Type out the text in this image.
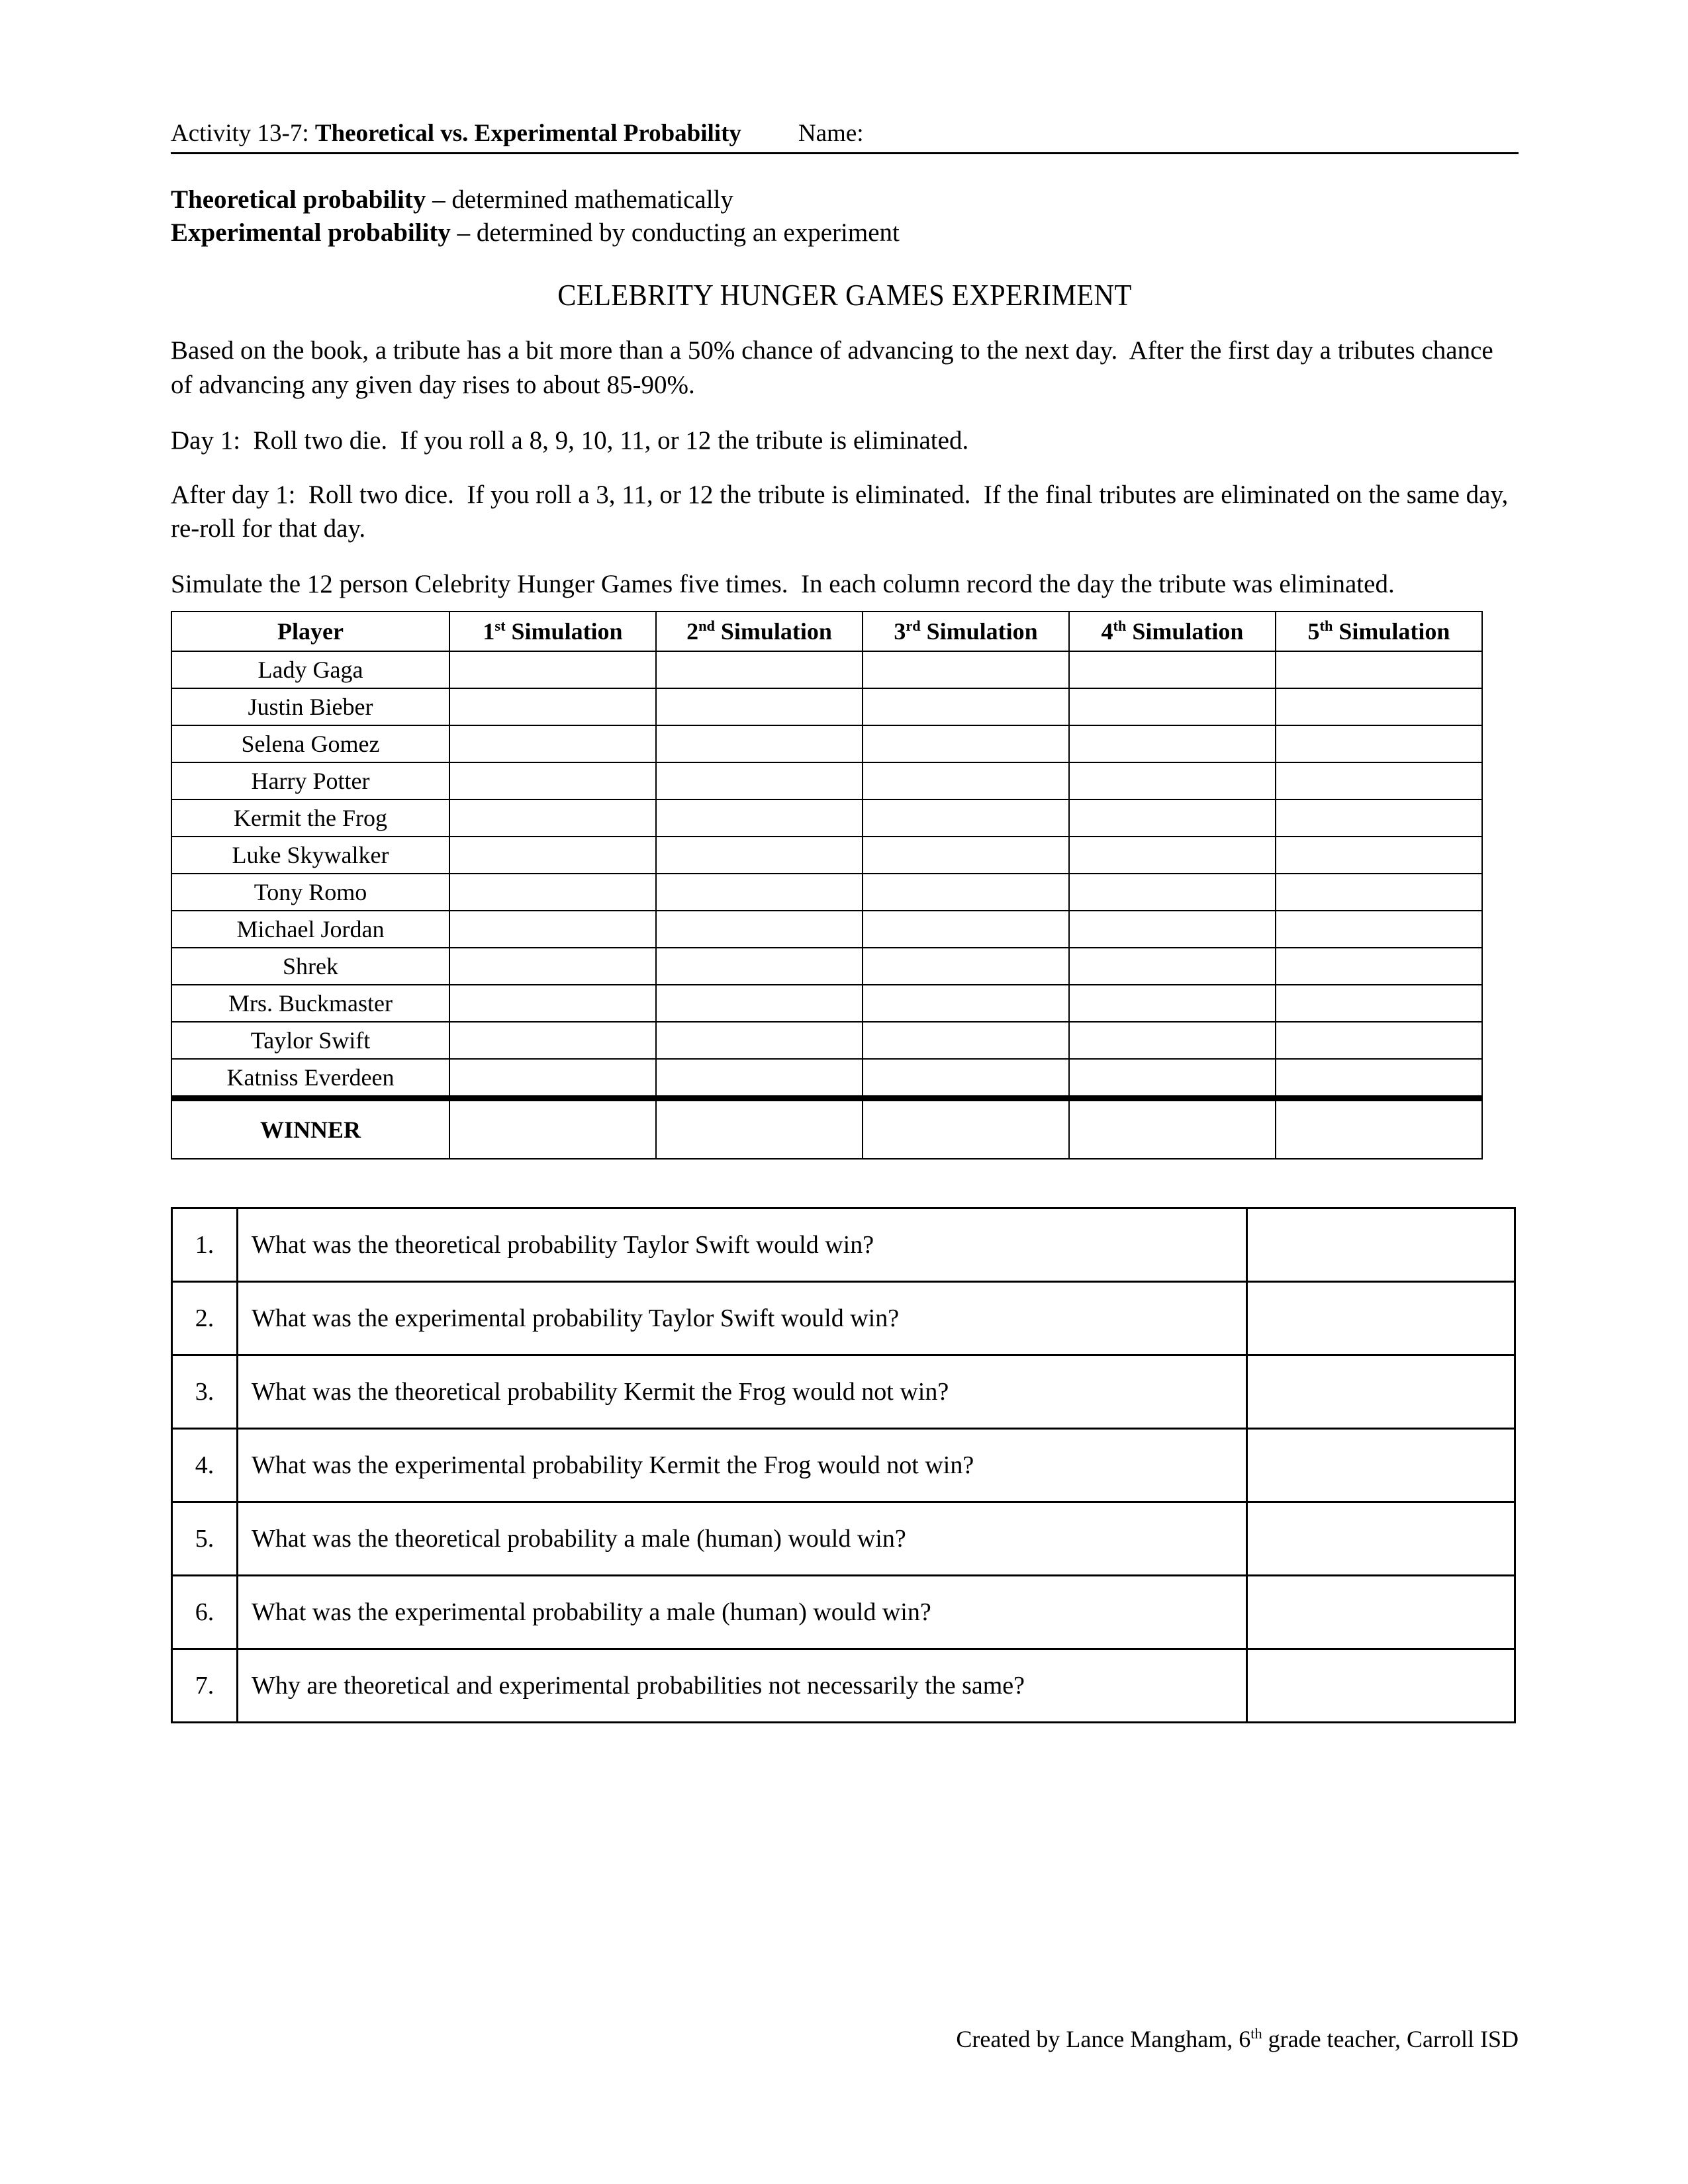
Activity 13-7: Theoretical vs. Experimental Probability Name:
Theoretical probability – determined mathematically
Experimental probability – determined by conducting an experiment
CELEBRITY HUNGER GAMES EXPERIMENT
Based on the book, a tribute has a bit more than a 50% chance of advancing to the next day.  After the first day a tributes chance of advancing any given day rises to about 85-90%.
Day 1:  Roll two die.  If you roll a 8, 9, 10, 11, or 12 the tribute is eliminated.
After day 1:  Roll two dice.  If you roll a 3, 11, or 12 the tribute is eliminated.  If the final tributes are eliminated on the same day, re-roll for that day.
Simulate the 12 person Celebrity Hunger Games five times.  In each column record the day the tribute was eliminated.
Player	1st Simulation	2nd Simulation	3rd Simulation	4th Simulation	5th Simulation
Lady Gaga					
Justin Bieber					
Selena Gomez					
Harry Potter					
Kermit the Frog					
Luke Skywalker					
Tony Romo					
Michael Jordan					
Shrek					
Mrs. Buckmaster					
Taylor Swift					
Katniss Everdeen					
WINNER					
1.	What was the theoretical probability Taylor Swift would win?	
2.	What was the experimental probability Taylor Swift would win?	
3.	What was the theoretical probability Kermit the Frog would not win?	
4.	What was the experimental probability Kermit the Frog would not win?	
5.	What was the theoretical probability a male (human) would win?	
6.	What was the experimental probability a male (human) would win?	
7.	Why are theoretical and experimental probabilities not necessarily the same?	
Created by Lance Mangham, 6th grade teacher, Carroll ISD
